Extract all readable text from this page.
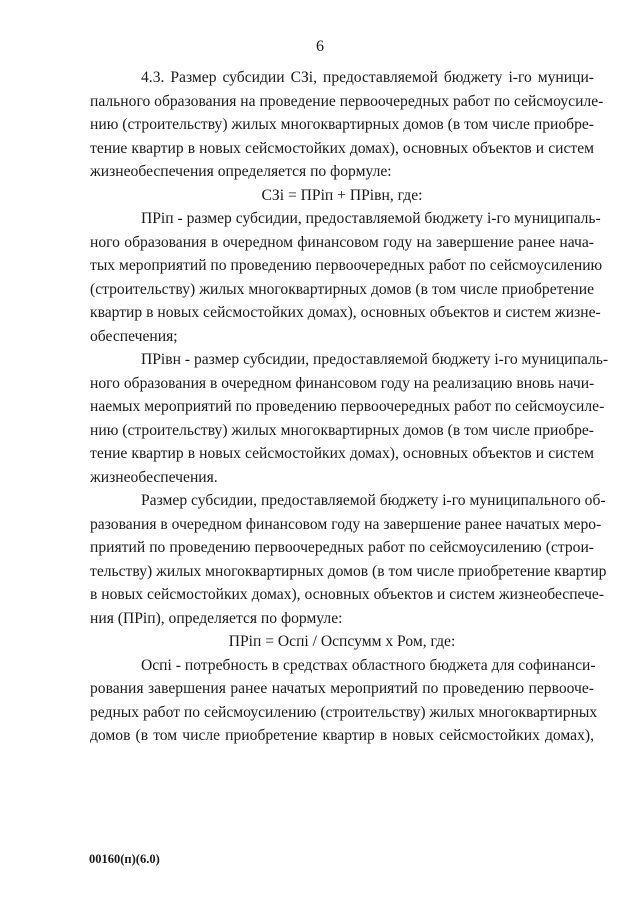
6

4.3. Размер субсидии СЗі, предоставляемой бюджету і-го муници-
пального образования на проведение первоочередных работ по сейсмоусиле-
нию (строительству) жилых многоквартирных домов (в том числе приобре-
тение квартир в новых сейсмостойких домах), основных объектов и систем
жизнеобеспечения определяется по формуле:

СЗі = ПРіп + ПРівн, где:

ПРіп - размер субсидии, предоставляемой бюджету і-го муниципаль-
ного образования в очередном финансовом году на завершение ранее нача-
тых мероприятий по проведению первоочередных работ по сейсмоусилению
(строительству) жилых многоквартирных домов (в том числе приобретение
квартир в новых сейсмостойких домах), основных объектов и систем жизне-
обеспечения;

ПРівн - размер субсидии, предоставляемой бюджету і-го муниципаль-
ного образования в очередном финансовом году на реализацию вновь начи-
наемых мероприятий по проведению первоочередных работ по сейсмоусиле-
нию (строительству) жилых многоквартирных домов (в том числе приобре-
тение квартир в новых сейсмостойких домах), основных объектов и систем
жизнеобеспечения.

Размер субсидии, предоставляемой бюджету і-го муниципального об-
разования в очередном финансовом году на завершение ранее начатых меро-
приятий по проведению первоочередных работ по сейсмоусилению (строи-
тельству) жилых многоквартирных домов (в том числе приобретение квартир
в новых сейсмостойких домах), основных объектов и систем жизнеобеспече-
ния (ПРіп), определяется по формуле:

ПРіп = Оспі / Оспсумм х Ром, где:

Оспі - потребность в средствах областного бюджета для софинанси-
рования завершения ранее начатых мероприятий по проведению первооче-
редных работ по сейсмоусилению (строительству) жилых многоквартирных
домов (в том числе приобретение квартир в новых сейсмостойких домах),

00160(п)(6.0)
